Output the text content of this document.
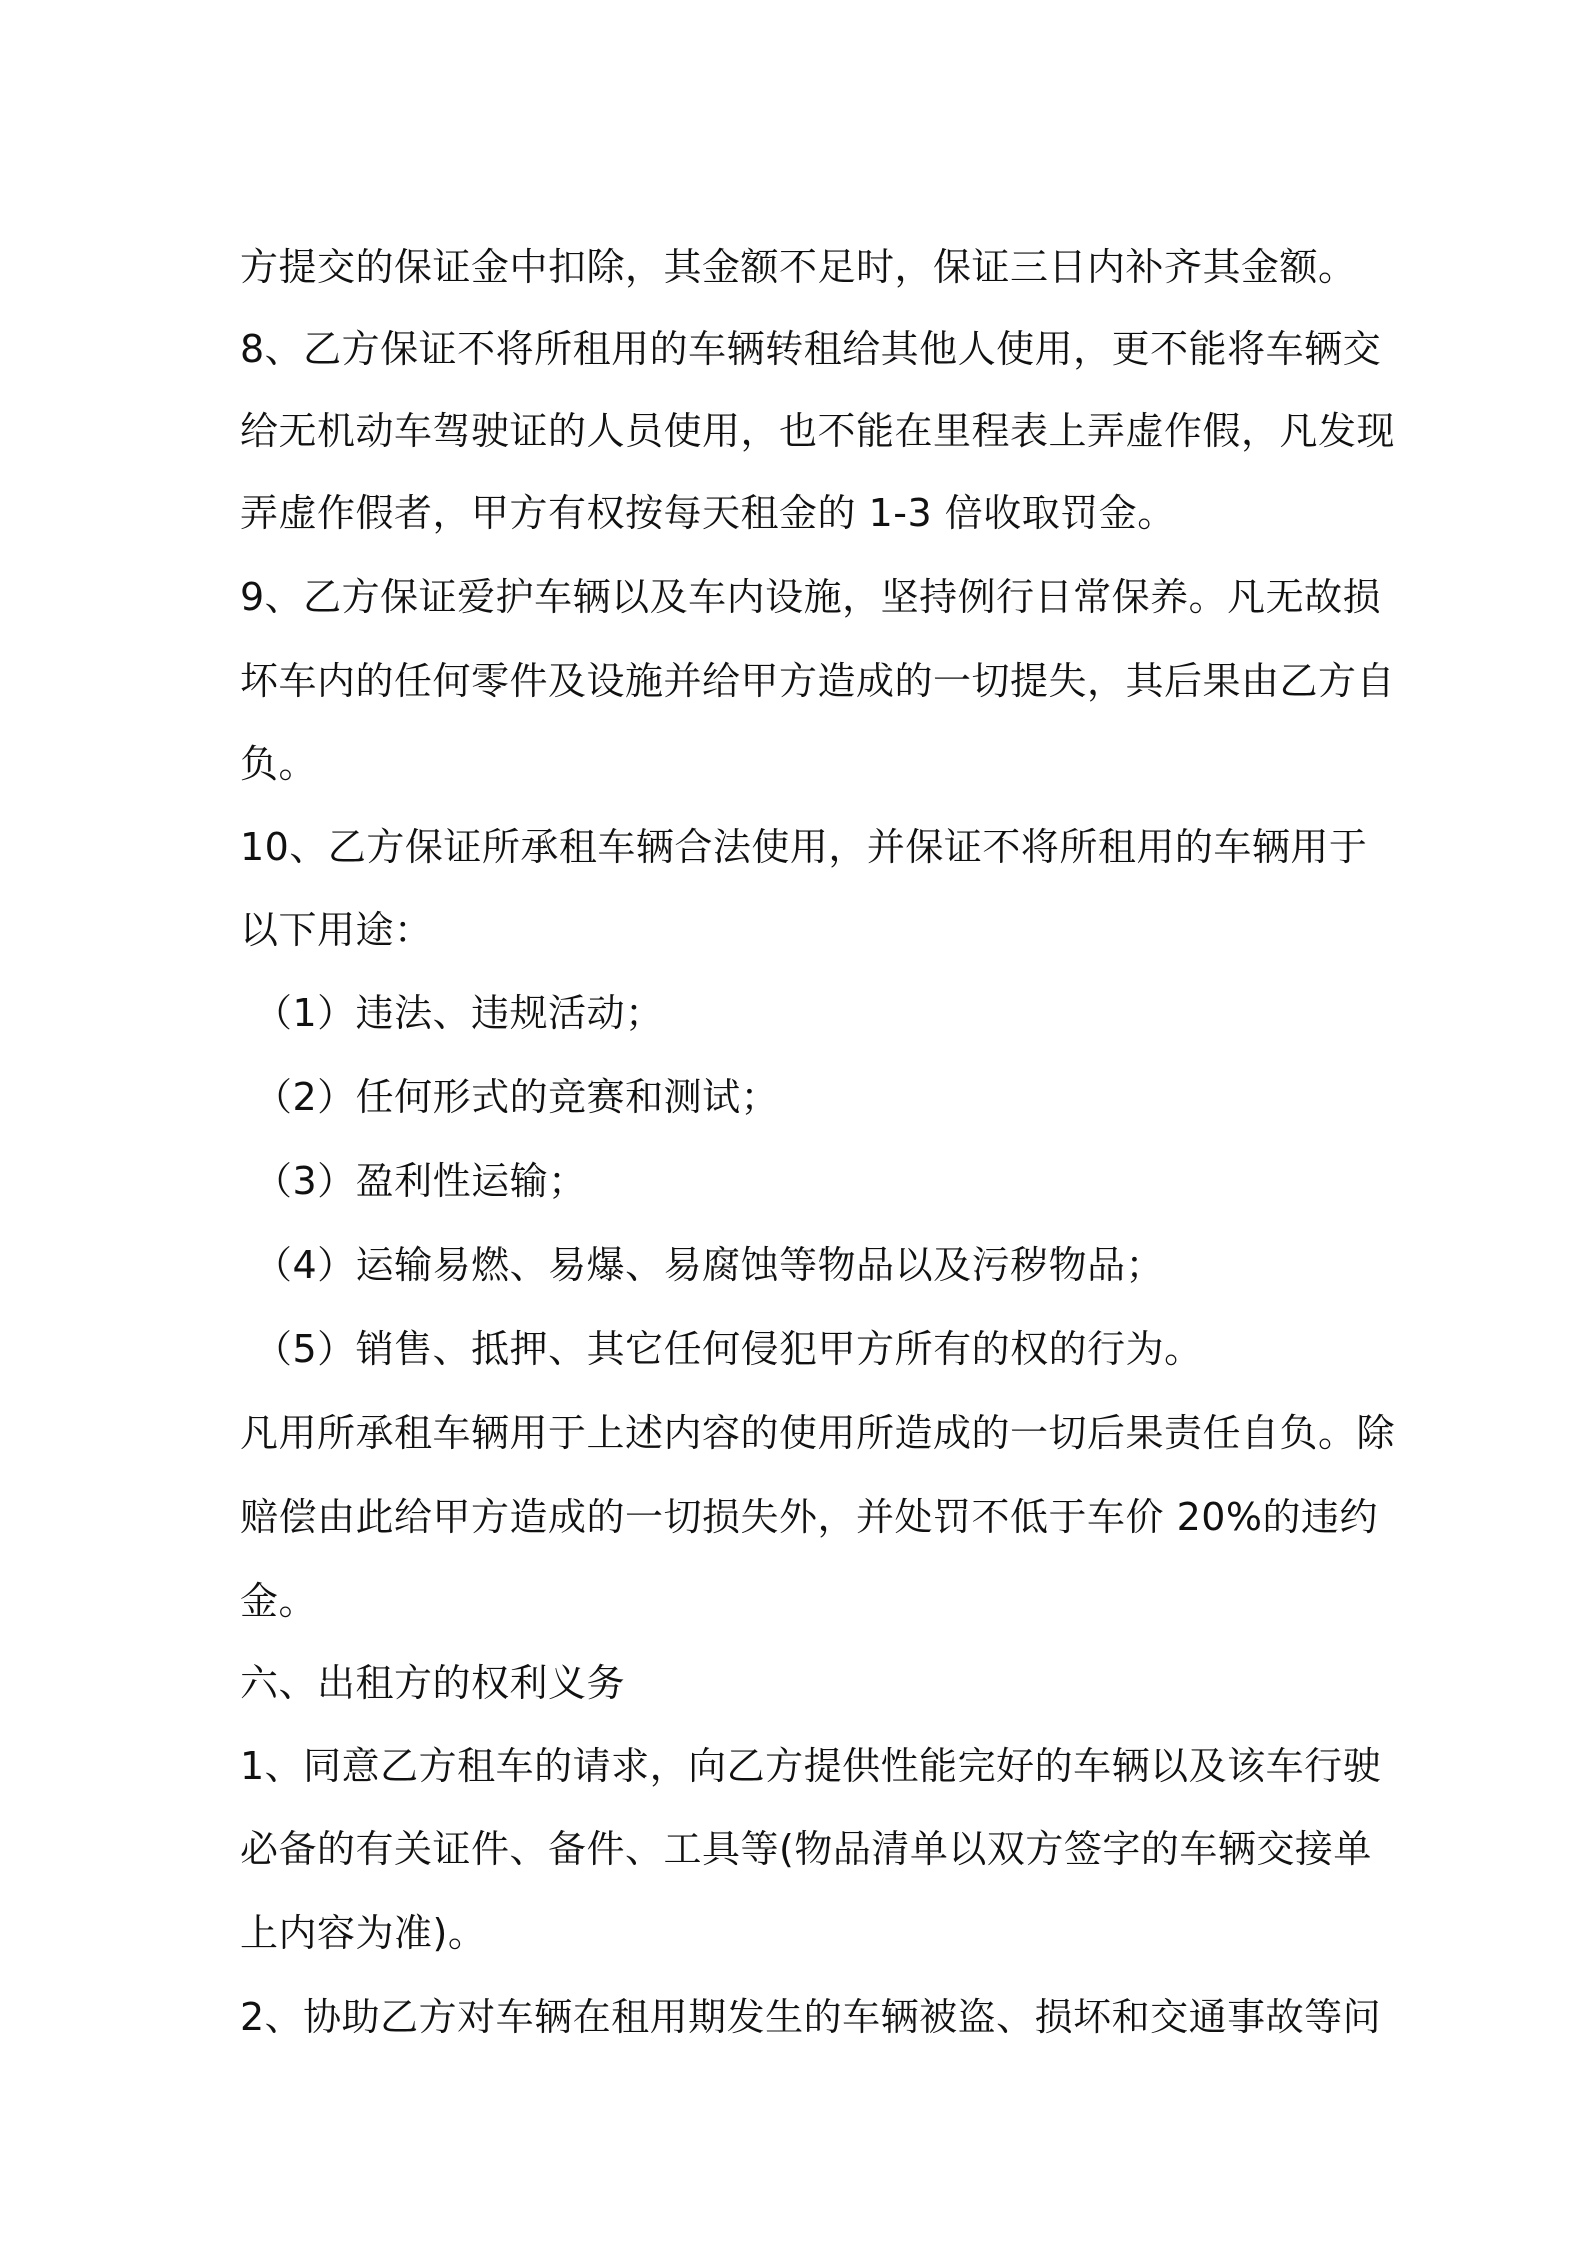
方提交的保证金中扣除，其金额不足时，保证三日内补齐其金额。

8、乙方保证不将所租用的车辆转租给其他人使用，更不能将车辆交

给无机动车驾驶证的人员使用，也不能在里程表上弄虚作假，凡发现

弄虚作假者，甲方有权按每天租金的 1-3 倍收取罚金。

9、乙方保证爱护车辆以及车内设施，坚持例行日常保养。凡无故损

坏车内的任何零件及设施并给甲方造成的一切提失，其后果由乙方自

负。

10、乙方保证所承租车辆合法使用，并保证不将所租用的车辆用于

以下用途：

（1）违法、违规活动；

（2）任何形式的竞赛和测试；

（3）盈利性运输；

（4）运输易燃、易爆、易腐蚀等物品以及污秽物品；

（5）销售、抵押、其它任何侵犯甲方所有的权的行为。

凡用所承租车辆用于上述内容的使用所造成的一切后果责任自负。除

赔偿由此给甲方造成的一切损失外，并处罚不低于车价 20%的违约

金。

六、出租方的权利义务

1、同意乙方租车的请求，向乙方提供性能完好的车辆以及该车行驶

必备的有关证件、备件、工具等(物品清单以双方签字的车辆交接单

上内容为准)。

2、协助乙方对车辆在租用期发生的车辆被盗、损坏和交通事故等问
